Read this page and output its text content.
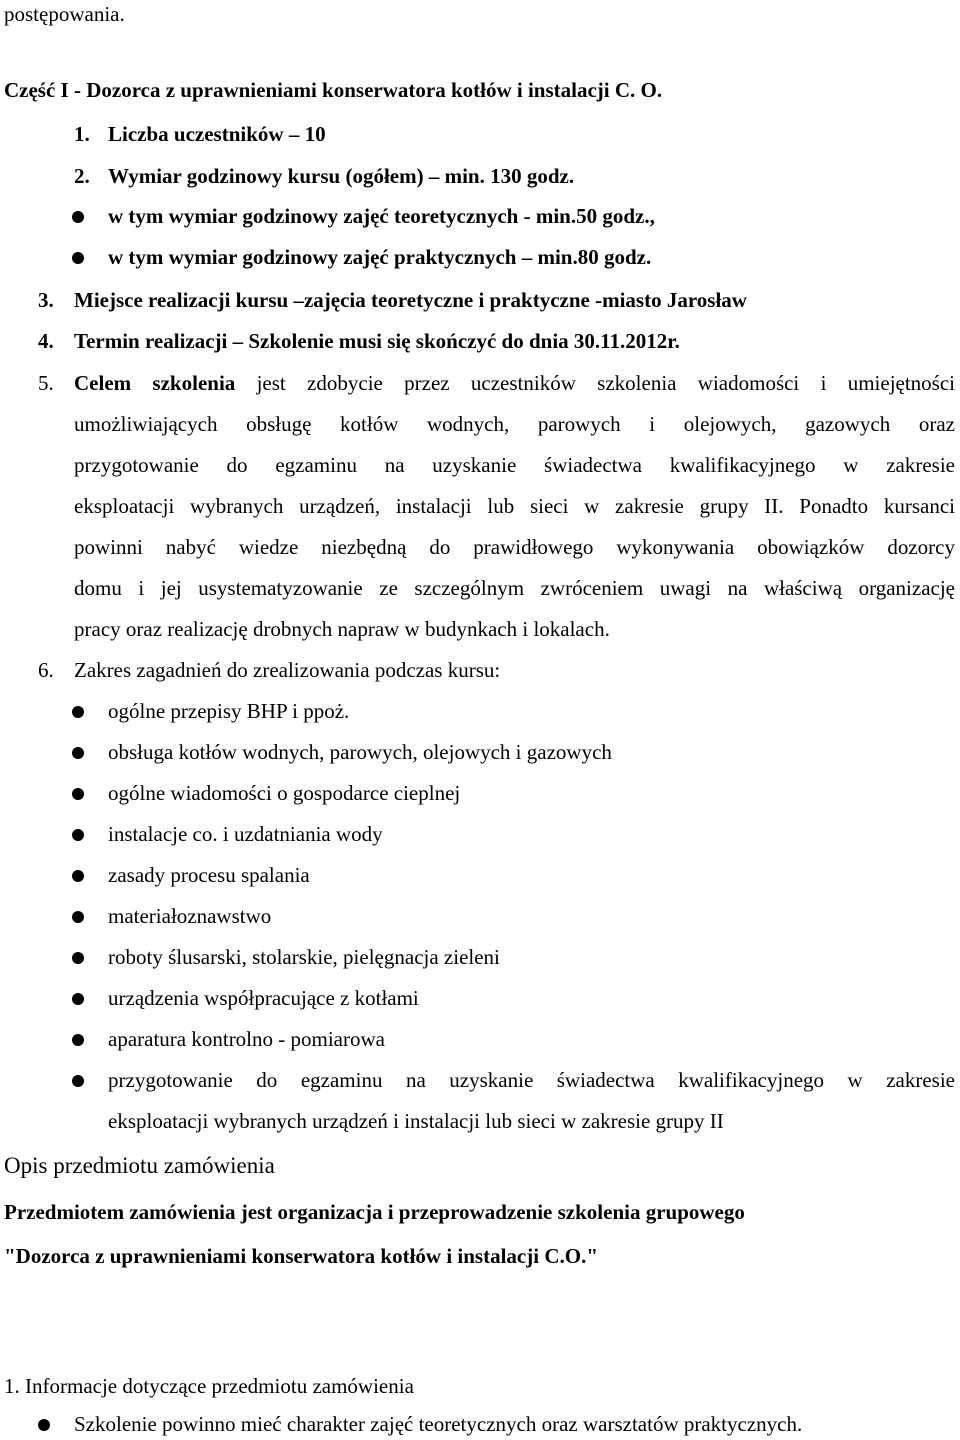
postępowania.
Część I - Dozorca z uprawnieniami konserwatora kotłów i instalacji C. O.
1. Liczba uczestników – 10
2. Wymiar godzinowy kursu (ogółem) – min. 130 godz.
w tym wymiar godzinowy zajęć teoretycznych - min.50 godz.,
w tym wymiar godzinowy zajęć praktycznych – min.80 godz.
3. Miejsce realizacji kursu –zajęcia teoretyczne i praktyczne -miasto Jarosław
4. Termin realizacji – Szkolenie musi się skończyć do dnia 30.11.2012r.
5. Celem szkolenia jest zdobycie przez uczestników szkolenia wiadomości i umiejętności
umożliwiających obsługę kotłów wodnych, parowych i olejowych, gazowych oraz
przygotowanie do egzaminu na uzyskanie świadectwa kwalifikacyjnego w zakresie
eksploatacji wybranych urządzeń, instalacji lub sieci w zakresie grupy II. Ponadto kursanci
powinni nabyć wiedze niezbędną do prawidłowego wykonywania obowiązków dozorcy
domu i jej usystematyzowanie ze szczególnym zwróceniem uwagi na właściwą organizację
pracy oraz realizację drobnych napraw w budynkach i lokalach.
6. Zakres zagadnień do zrealizowania podczas kursu:
ogólne przepisy BHP i ppoż.
obsługa kotłów wodnych, parowych, olejowych i gazowych
ogólne wiadomości o gospodarce cieplnej
instalacje co. i uzdatniania wody
zasady procesu spalania
materiałoznawstwo
roboty ślusarski, stolarskie, pielęgnacja zieleni
urządzenia współpracujące z kotłami
aparatura kontrolno - pomiarowa
przygotowanie do egzaminu na uzyskanie świadectwa kwalifikacyjnego w zakresie
eksploatacji wybranych urządzeń i instalacji lub sieci w zakresie grupy II
Opis przedmiotu zamówienia
Przedmiotem zamówienia jest organizacja i przeprowadzenie szkolenia grupowego
"Dozorca z uprawnieniami konserwatora kotłów i instalacji C.O."
1. Informacje dotyczące przedmiotu zamówienia
Szkolenie powinno mieć charakter zajęć teoretycznych oraz warsztatów praktycznych.
